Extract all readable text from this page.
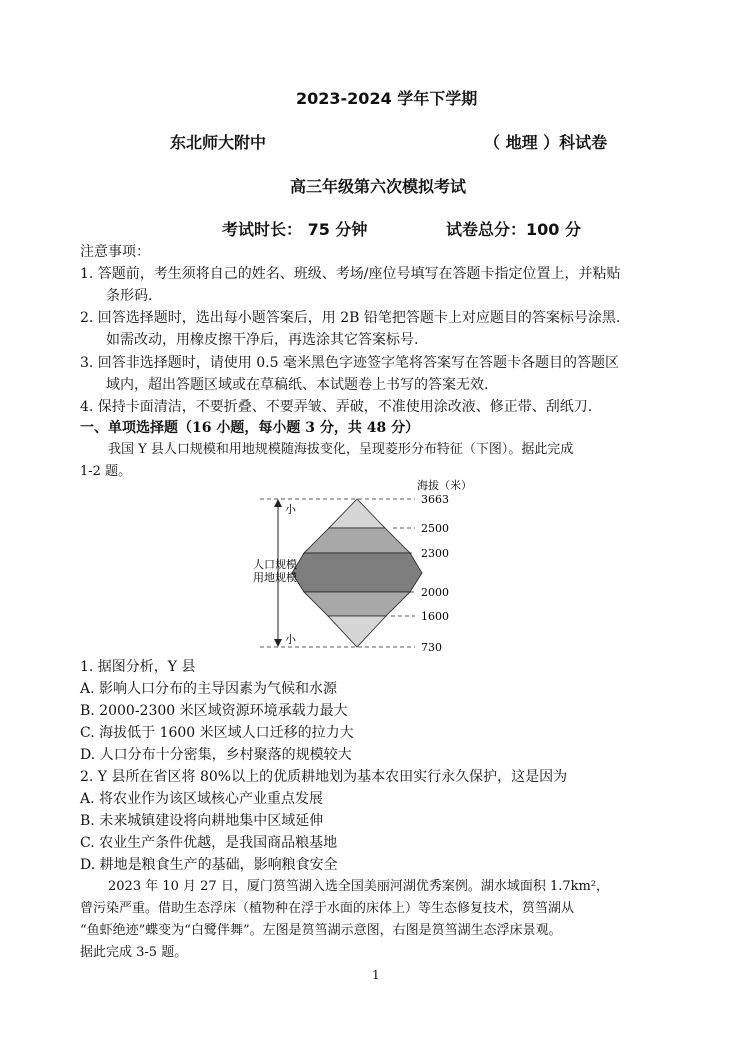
2023-2024 学年下学期
东北师大附中	（ 地理 ）科试卷
高三年级第六次模拟考试
考试时长： 75 分钟	试卷总分：100 分
注意事项：
1. 答题前，考生须将自己的姓名、班级、考场/座位号填写在答题卡指定位置上，并粘贴
条形码.
2. 回答选择题时，选出每小题答案后，用 2B 铅笔把答题卡上对应题目的答案标号涂黑.
如需改动，用橡皮擦干净后，再选涂其它答案标号.
3. 回答非选择题时，请使用 0.5 毫米黑色字迹签字笔将答案写在答题卡各题目的答题区
域内，超出答题区域或在草稿纸、本试题卷上书写的答案无效.
4. 保持卡面清洁，不要折叠、不要弄皱、弄破，不准使用涂改液、修正带、刮纸刀.
一、单项选择题（16 小题，每小题 3 分，共 48 分）
我国 Y 县人口规模和用地规模随海拔变化，呈现菱形分布特征（下图）。据此完成
1-2 题。
小
小
人口规模
用地规模
海拔（米）
3663
2500
2300
2000
1600
730
1. 据图分析，Y 县
A. 影响人口分布的主导因素为气候和水源
B. 2000-2300 米区域资源环境承载力最大
C. 海拔低于 1600 米区域人口迁移的拉力大
D. 人口分布十分密集，乡村聚落的规模较大
2. Y 县所在省区将 80%以上的优质耕地划为基本农田实行永久保护，这是因为
A. 将农业作为该区域核心产业重点发展
B. 未来城镇建设将向耕地集中区域延伸
C. 农业生产条件优越，是我国商品粮基地
D. 耕地是粮食生产的基础，影响粮食安全
2023 年 10 月 27 日，厦门筼筜湖入选全国美丽河湖优秀案例。湖水域面积 1.7km²，
曾污染严重。借助生态浮床（植物种在浮于水面的床体上）等生态修复技术，筼筜湖从
“鱼虾绝迹”蝶变为“白鹭伴舞”。左图是筼筜湖示意图，右图是筼筜湖生态浮床景观。
据此完成 3-5 题。
1
